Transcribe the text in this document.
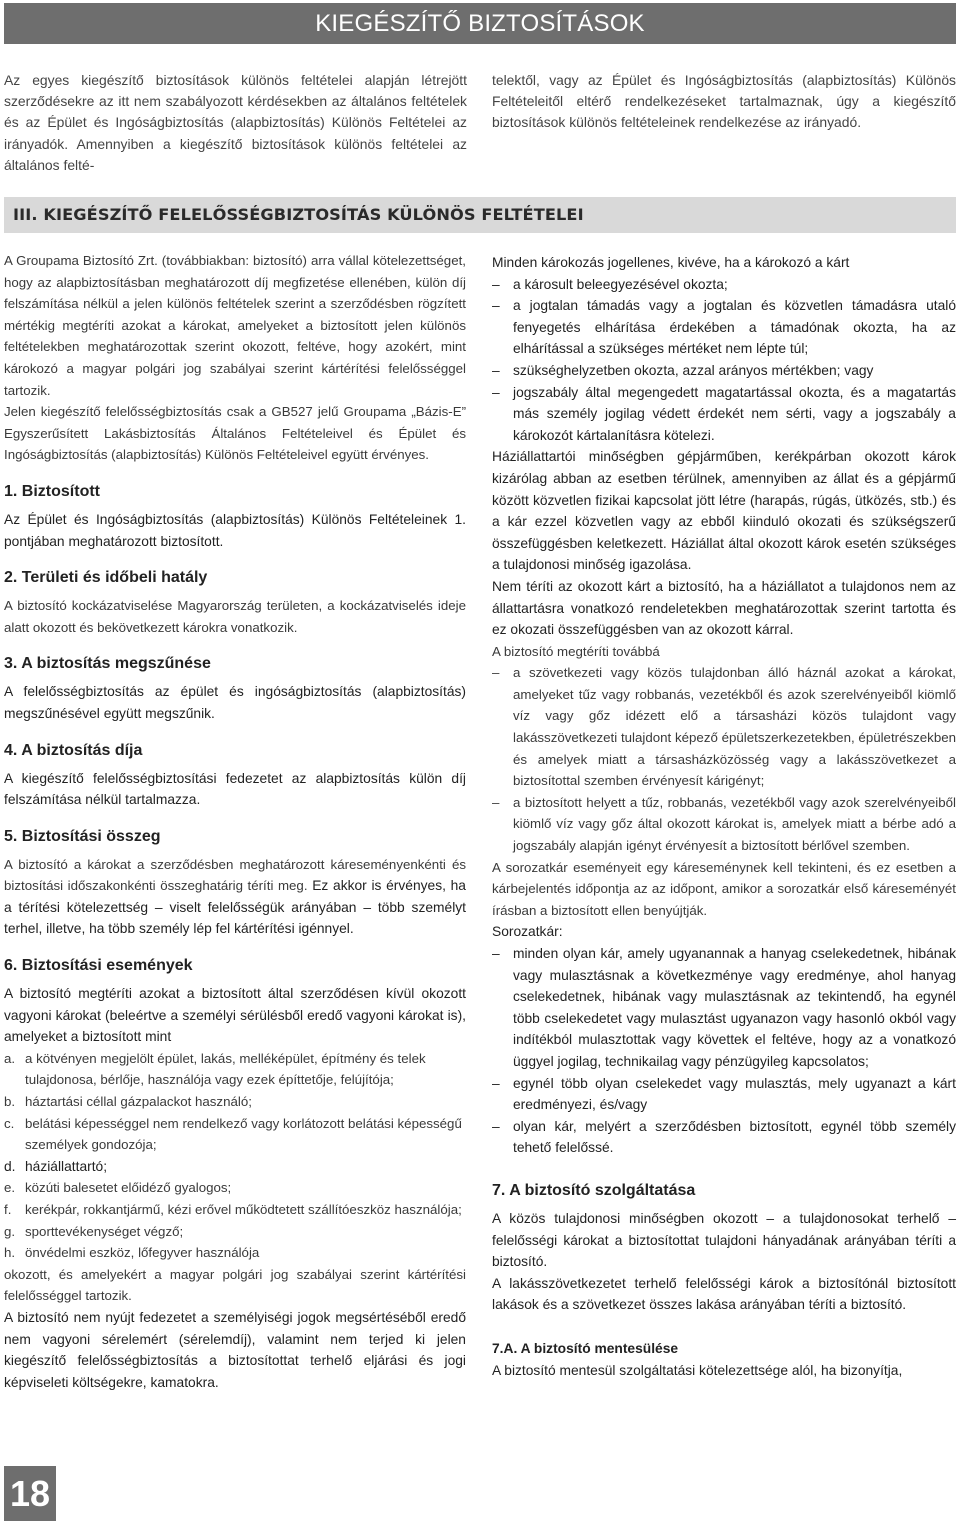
KIEGÉSZÍTŐ BIZTOSÍTÁSOK

Az egyes kiegészítő biztosítások különös feltételei alapján létrejött szerződésekre az itt nem szabályozott kérdésekben az általános feltételek és az Épület és Ingóságbiztosítás (alapbiztosítás) Különös Feltételei az irányadók. Amennyiben a kiegészítő biztosítások különös feltételei az általános felté-

telektől, vagy az Épület és Ingóságbiztosítás (alapbiztosítás) Különös Feltételeitől eltérő rendelkezéseket tartalmaznak, úgy a kiegészítő biztosítások különös feltételeinek rendelkezése az irányadó.

III. KIEGÉSZÍTŐ FELELŐSSÉGBIZTOSÍTÁS KÜLÖNÖS FELTÉTELEI

A Groupama Biztosító Zrt. (továbbiakban: biztosító) arra vállal kötelezettséget, hogy az alapbiztosításban meghatározott díj megfizetése ellenében, külön díj felszámítása nélkül a jelen különös feltételek szerint a szerződésben rögzített mértékig megtéríti azokat a károkat, amelyeket a biztosított jelen különös feltételekben meghatározottak szerint okozott, feltéve, hogy azokért, mint károkozó a magyar polgári jog szabályai szerint kártérítési felelősséggel tartozik.

Jelen kiegészítő felelősségbiztosítás csak a GB527 jelű Groupama „Bázis-E” Egyszerűsített Lakásbiztosítás Általános Feltételeivel és Épület és Ingóságbiztosítás (alapbiztosítás) Különös Feltételeivel együtt érvényes.

1. Biztosított

Az Épület és Ingóságbiztosítás (alapbiztosítás) Különös Feltételeinek 1. pontjában meghatározott biztosított.

2. Területi és időbeli hatály

A biztosító kockázatviselése Magyarország területen, a kockázatviselés ideje alatt okozott és bekövetkezett károkra vonatkozik.

3. A biztosítás megszűnése

A felelősségbiztosítás az épület és ingóságbiztosítás (alapbiztosítás) megszűnésével együtt megszűnik.

4. A biztosítás díja

A kiegészítő felelősségbiztosítási fedezetet az alapbiztosítás külön díj felszámítása nélkül tartalmazza.

5. Biztosítási összeg

A biztosító a károkat a szerződésben meghatározott káreseményenkénti és biztosítási időszakonkénti összeghatárig téríti meg. Ez akkor is érvényes, ha a térítési kötelezettség – viselt felelősségük arányában – több személyt terhel, illetve, ha több személy lép fel kártérítési igénnyel.

6. Biztosítási események

A biztosító megtéríti azokat a biztosított által szerződésen kívül okozott vagyoni károkat (beleértve a személyi sérülésből eredő vagyoni károkat is), amelyeket a biztosított mint

a. a kötvényen megjelölt épület, lakás, melléképület, építmény és telek tulajdonosa, bérlője, használója vagy ezek építtetője, felújítója;
b. háztartási céllal gázpalackot használó;
c. belátási képességgel nem rendelkező vagy korlátozott belátási képességű személyek gondozója;
d. háziállattartó;
e. közúti balesetet előidéző gyalogos;
f. kerékpár, rokkantjármű, kézi erővel működtetett szállítóeszköz használója;
g. sporttevékenységet végző;
h. önvédelmi eszköz, lőfegyver használója

okozott, és amelyekért a magyar polgári jog szabályai szerint kártérítési felelősséggel tartozik.

A biztosító nem nyújt fedezetet a személyiségi jogok megsértéséből eredő nem vagyoni sérelemért (sérelemdíj), valamint nem terjed ki jelen kiegészítő felelősségbiztosítás a biztosítottat terhelő eljárási és jogi képviseleti költségekre, kamatokra.

Minden károkozás jogellenes, kivéve, ha a károkozó a kárt

– a károsult beleegyezésével okozta;
– a jogtalan támadás vagy a jogtalan és közvetlen támadásra utaló fenyegetés elhárítása érdekében a támadónak okozta, ha az elhárítással a szükséges mértéket nem lépte túl;
– szükséghelyzetben okozta, azzal arányos mértékben; vagy
– jogszabály által megengedett magatartással okozta, és a magatartás más személy jogilag védett érdekét nem sérti, vagy a jogszabály a károkozót kártalanításra kötelezi.

Háziállattartói minőségben gépjárműben, kerékpárban okozott károk kizárólag abban az esetben térülnek, amennyiben az állat és a gépjármű között közvetlen fizikai kapcsolat jött létre (harapás, rúgás, ütközés, stb.) és a kár ezzel közvetlen vagy az ebből kiinduló okozati és szükségszerű összefüggésben keletkezett. Háziállat által okozott károk esetén szükséges a tulajdonosi minőség igazolása.

Nem téríti az okozott kárt a biztosító, ha a háziállatot a tulajdonos nem az állattartásra vonatkozó rendeletekben meghatározottak szerint tartotta és ez okozati összefüggésben van az okozott kárral.

A biztosító megtéríti továbbá

– a szövetkezeti vagy közös tulajdonban álló háznál azokat a károkat, amelyeket tűz vagy robbanás, vezetékből és azok szerelvényeiből kiömlő víz vagy gőz idézett elő a társasházi közös tulajdont vagy lakásszövetkezeti tulajdont képező épületszerkezetekben, épületrészekben és amelyek miatt a társasházközösség vagy a lakásszövetkezet a biztosítottal szemben érvényesít kárigényt;
– a biztosított helyett a tűz, robbanás, vezetékből vagy azok szerelvényeiből kiömlő víz vagy gőz által okozott károkat is, amelyek miatt a bérbe adó a jogszabály alapján igényt érvényesít a biztosított bérlővel szemben.

A sorozatkár eseményeit egy káreseménynek kell tekinteni, és ez esetben a kárbejelentés időpontja az az időpont, amikor a sorozatkár első káreseményét írásban a biztosított ellen benyújtják.

Sorozatkár:

– minden olyan kár, amely ugyanannak a hanyag cselekedetnek, hibának vagy mulasztásnak a következménye vagy eredménye, ahol hanyag cselekedetnek, hibának vagy mulasztásnak az tekintendő, ha egynél több cselekedetet vagy mulasztást ugyanazon vagy hasonló okból vagy indítékból mulasztottak vagy követtek el feltéve, hogy az a vonatkozó üggyel jogilag, technikailag vagy pénzügyileg kapcsolatos;
– egynél több olyan cselekedet vagy mulasztás, mely ugyanazt a kárt eredményezi, és/vagy
– olyan kár, melyért a szerződésben biztosított, egynél több személy tehető felelőssé.
7. A biztosító szolgáltatása

A közös tulajdonosi minőségben okozott – a tulajdonosokat terhelő – felelősségi károkat a biztosítottat tulajdoni hányadának arányában téríti a biztosító.

A lakásszövetkezetet terhelő felelősségi károk a biztosítónál biztosított lakások és a szövetkezet összes lakása arányában téríti a biztosító.

7.A. A biztosító mentesülése

A biztosító mentesül szolgáltatási kötelezettsége alól, ha bizonyítja,

18
